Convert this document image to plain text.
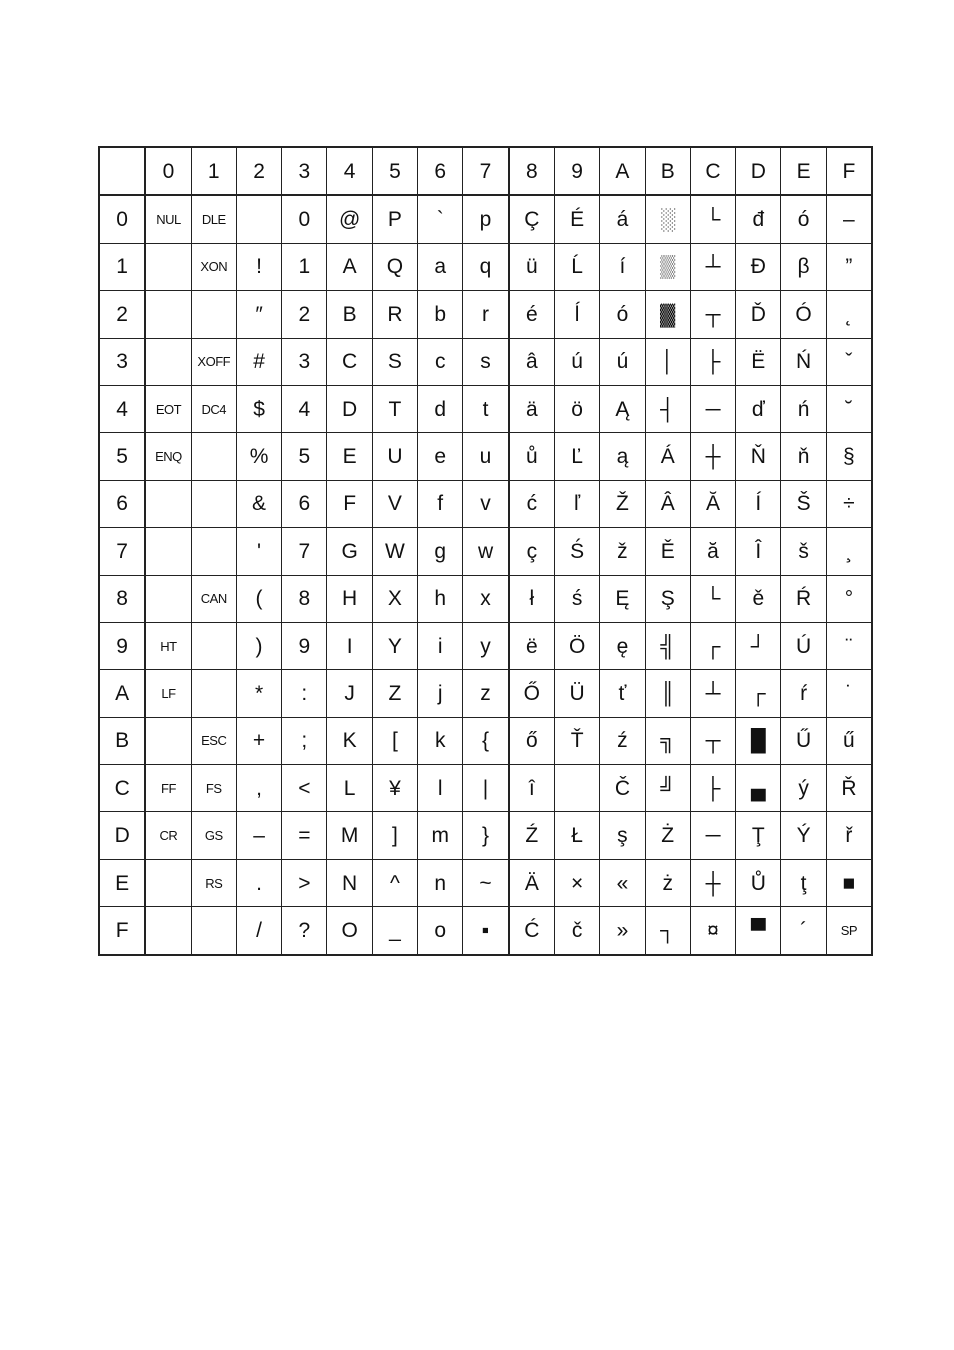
	0	1	2	3	4	5	6	7	8	9	A	B	C	D	E	F
0	NUL	DLE		0	@	P	`	p	Ç	É	á	░	└	đ	ó	–
1		XON	!	1	A	Q	a	q	ü	Ĺ	í	▒	┴	Đ	β	”
2			″	2	B	R	b	r	é	ĺ	ó	▓	┬	Ď	Ó	˛
3		XOFF	#	3	C	S	c	s	â	ú	ú	│	├	Ë	Ń	ˇ
4	EOT	DC4	$	4	D	T	d	t	ä	ö	Ą	┤	─	ď	ń	˘
5	ENQ		%	5	E	U	e	u	ů	Ľ	ą	Á	┼	Ň	ň	§
6			&	6	F	V	f	v	ć	ľ	Ž	Â	Ă	Í	Š	÷
7			'	7	G	W	g	w	ç	Ś	ž	Ě	ă	Î	š	¸
8		CAN	(	8	H	X	h	x	ł	ś	Ę	Ş	└	ě	Ŕ	°
9	HT		)	9	I	Y	i	y	ë	Ö	ę	╣	┌	┘	Ú	¨
A	LF		*	:	J	Z	j	z	Ő	Ü	ť	║	┴	┌	ŕ	˙
B		ESC	+	;	K	[	k	{	ő	Ť	ź	╗	┬	█	Ű	ű
C	FF	FS	,	<	L	¥	l	|	î		Č	╝	├	▄	ý	Ř
D	CR	GS	–	=	M	]	m	}	Ź	Ł	ş	Ż	─	Ţ	Ý	ř
E		RS	.	>	N	^	n	~	Ä	×	«	ż	┼	Ů	ţ	■
F			/	?	O	_	o	▪	Ć	č	»	┐	¤	▀	´	SP
